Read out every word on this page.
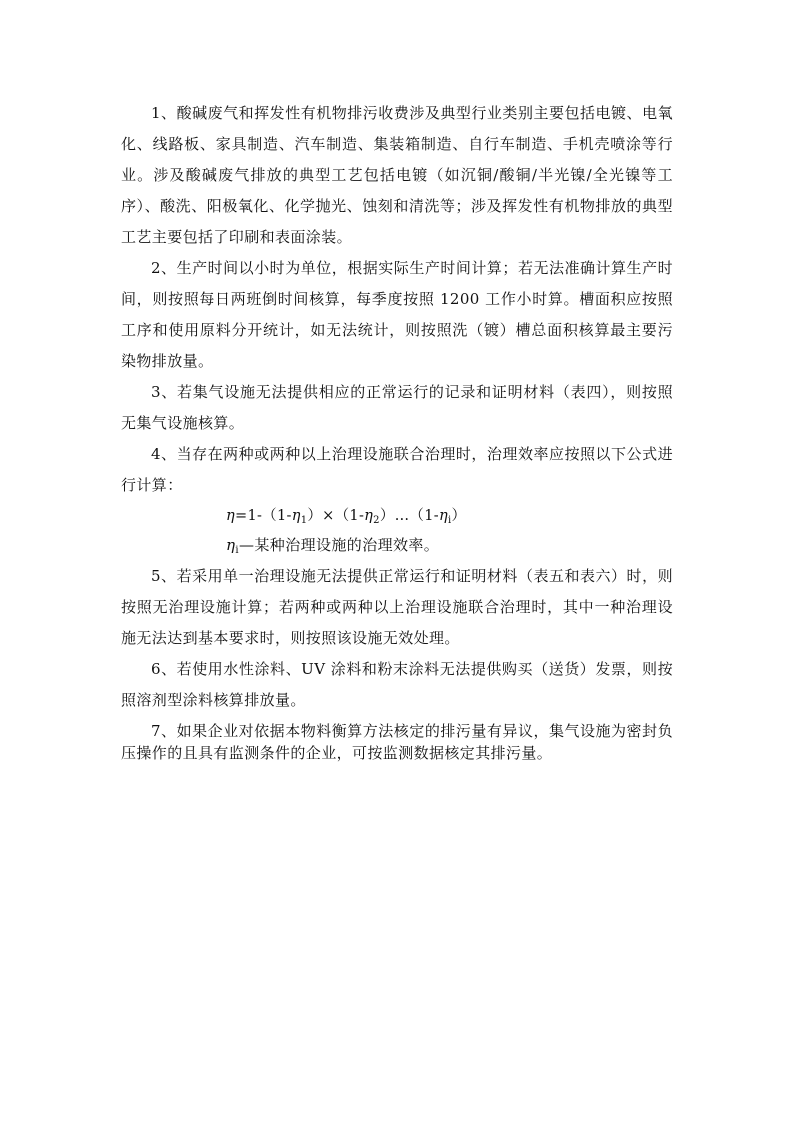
1、酸碱废气和挥发性有机物排污收费涉及典型行业类别主要包括电镀、电氧化、线路板、家具制造、汽车制造、集装箱制造、自行车制造、手机壳喷涂等行业。涉及酸碱废气排放的典型工艺包括电镀（如沉铜/酸铜/半光镍/全光镍等工序）、酸洗、阳极氧化、化学抛光、蚀刻和清洗等；涉及挥发性有机物排放的典型工艺主要包括了印刷和表面涂装。

2、生产时间以小时为单位，根据实际生产时间计算；若无法准确计算生产时间，则按照每日两班倒时间核算，每季度按照 1200 工作小时算。槽面积应按照工序和使用原料分开统计，如无法统计，则按照洗（镀）槽总面积核算最主要污染物排放量。

3、若集气设施无法提供相应的正常运行的记录和证明材料（表四），则按照无集气设施核算。

4、当存在两种或两种以上治理设施联合治理时，治理效率应按照以下公式进行计算：

$\eta=1-(1-\eta_1)\times(1-\eta_2)\dots(1-\eta_i)$

$\eta_i—$某种治理设施的治理效率。

5、若采用单一治理设施无法提供正常运行和证明材料（表五和表六）时，则按照无治理设施计算；若两种或两种以上治理设施联合治理时，其中一种治理设施无法达到基本要求时，则按照该设施无效处理。

6、若使用水性涂料、UV 涂料和粉末涂料无法提供购买（送货）发票，则按照溶剂型涂料核算排放量。

7、如果企业对依据本物料衡算方法核定的排污量有异议，集气设施为密封负压操作的且具有监测条件的企业，可按监测数据核定其排污量。
